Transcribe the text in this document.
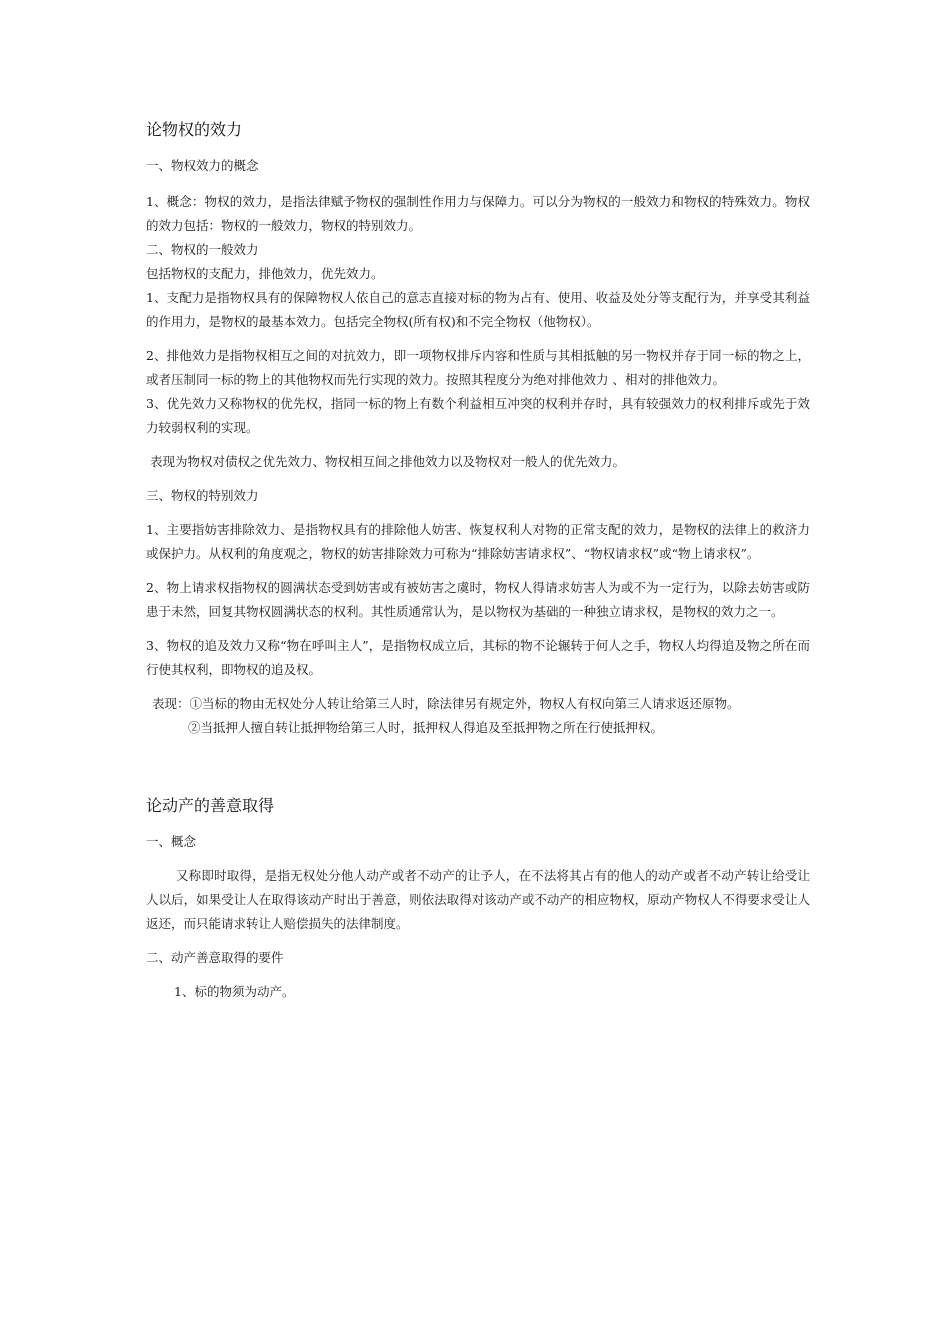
论物权的效力

一、物权效力的概念

1、概念：物权的效力，是指法律赋予物权的强制性作用力与保障力。可以分为物权的一般效力和物权的特殊效力。物权的效力包括：物权的一般效力，物权的特别效力。

二、物权的一般效力

包括物权的支配力，排他效力，优先效力。

1、支配力是指物权具有的保障物权人依自己的意志直接对标的物为占有、使用、收益及处分等支配行为，并享受其利益的作用力，是物权的最基本效力。包括完全物权(所有权)和不完全物权（他物权）。

2、排他效力是指物权相互之间的对抗效力，即一项物权排斥内容和性质与其相抵触的另一物权并存于同一标的物之上，或者压制同一标的物上的其他物权而先行实现的效力。按照其程度分为绝对排他效力 、相对的排他效力。

3、优先效力又称物权的优先权，指同一标的物上有数个利益相互冲突的权利并存时，具有较强效力的权利排斥或先于效力较弱权利的实现。

表现为物权对债权之优先效力、物权相互间之排他效力以及物权对一般人的优先效力。

三、物权的特别效力

1、主要指妨害排除效力、是指物权具有的排除他人妨害、恢复权利人对物的正常支配的效力，是物权的法律上的救济力或保护力。从权利的角度观之，物权的妨害排除效力可称为“排除妨害请求权”、“物权请求权”或“物上请求权”。

2、物上请求权指物权的圆满状态受到妨害或有被妨害之虞时，物权人得请求妨害人为或不为一定行为，以除去妨害或防患于未然，回复其物权圆满状态的权利。其性质通常认为，是以物权为基础的一种独立请求权，是物权的效力之一。

3、物权的追及效力又称“物在呼叫主人”，是指物权成立后，其标的物不论辗转于何人之手，物权人均得追及物之所在而行使其权利，即物权的追及权。

表现：①当标的物由无权处分人转让给第三人时，除法律另有规定外，物权人有权向第三人请求返还原物。

②当抵押人擅自转让抵押物给第三人时，抵押权人得追及至抵押物之所在行使抵押权。

论动产的善意取得

一、概念

又称即时取得，是指无权处分他人动产或者不动产的让予人，在不法将其占有的他人的动产或者不动产转让给受让人以后，如果受让人在取得该动产时出于善意，则依法取得对该动产或不动产的相应物权，原动产物权人不得要求受让人返还，而只能请求转让人赔偿损失的法律制度。

二、动产善意取得的要件

1、标的物须为动产。
